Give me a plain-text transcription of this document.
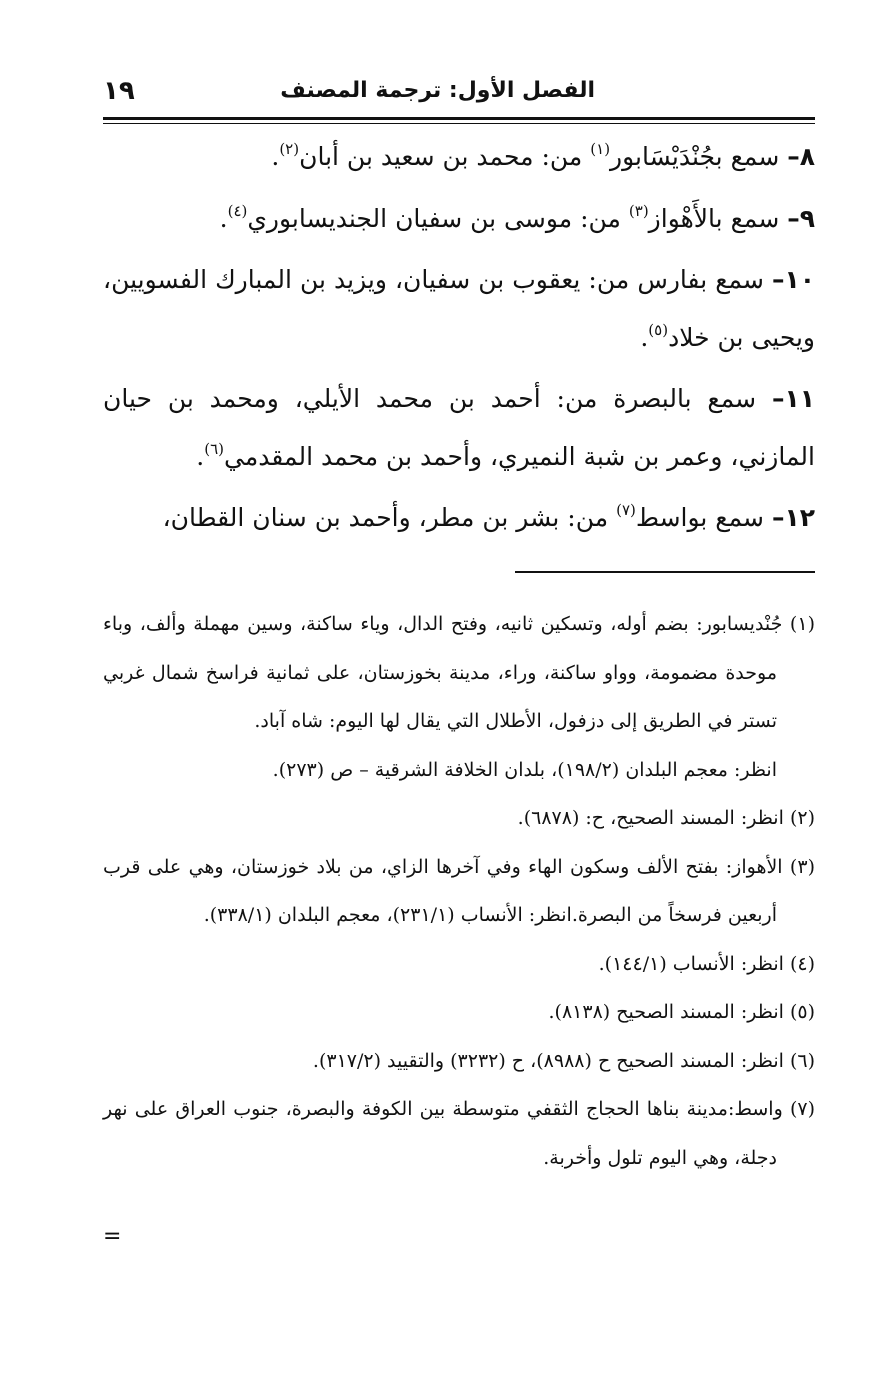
الفصل الأول: ترجمة المصنف
١٩

٨– سمع بجُنْدَيْسَابور$^{(١)}$ من: محمد بن سعيد بن أبان$^{(٢)}$.

٩– سمع بالأَهْواز$^{(٣)}$ من: موسى بن سفيان الجنديسابوري$^{(٤)}$.

١٠– سمع بفارس من: يعقوب بن سفيان، ويزيد بن المبارك الفسويين، ويحيى بن خلاد$^{(٥)}$.

١١– سمع بالبصرة من: أحمد بن محمد الأيلي، ومحمد بن حيان المازني، وعمر بن شبة النميري، وأحمد بن محمد المقدمي$^{(٦)}$.

١٢– سمع بواسط$^{(٧)}$ من: بشر بن مطر، وأحمد بن سنان القطان،

(١) جُنْديسابور: بضم أوله، وتسكين ثانيه، وفتح الدال، وياء ساكنة، وسين مهملة وألف، وباء موحدة مضمومة، وواو ساكنة، وراء، مدينة بخوزستان، على ثمانية فراسخ شمال غربي تستر في الطريق إلى دزفول، الأطلال التي يقال لها اليوم: شاه آباد.

انظر: معجم البلدان (١٩٨/٢)، بلدان الخلافة الشرقية – ص (٢٧٣).

(٢) انظر: المسند الصحيح، ح: (٦٨٧٨).

(٣) الأهواز: بفتح الألف وسكون الهاء وفي آخرها الزاي، من بلاد خوزستان، وهي على قرب أربعين فرسخاً من البصرة.انظر: الأنساب (٢٣١/١)، معجم البلدان (٣٣٨/١).

(٤) انظر: الأنساب (١٤٤/١).

(٥) انظر: المسند الصحيح (٨١٣٨).

(٦) انظر: المسند الصحيح ح (٨٩٨٨)، ح (٣٢٣٢) والتقييد (٣١٧/٢).

(٧) واسط:مدينة بناها الحجاج الثقفي متوسطة بين الكوفة والبصرة، جنوب العراق على نهر دجلة، وهي اليوم تلول وأخربة.

=
